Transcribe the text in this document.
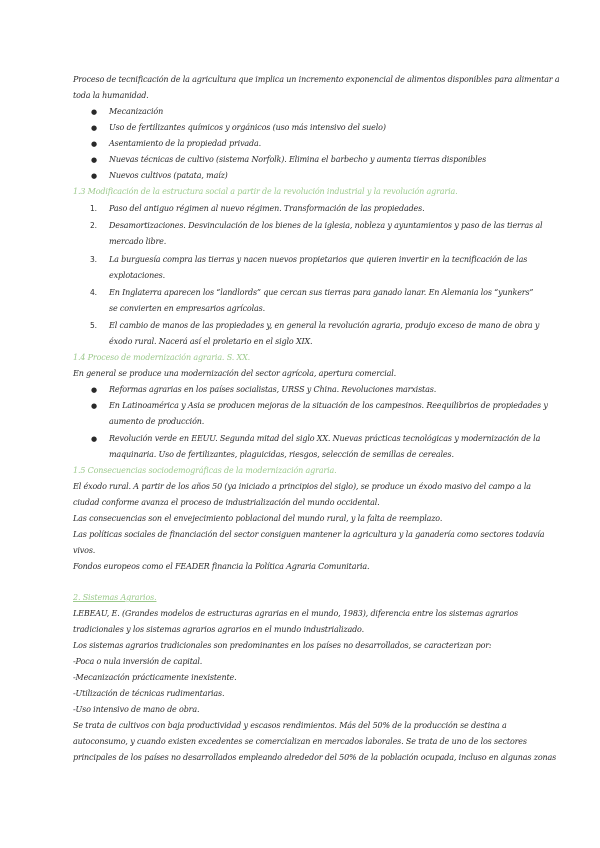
Proceso de tecnificación de la agricultura que implica un incremento exponencial de alimentos disponibles para alimentar a
toda la humanidad.
● Mecanización
● Uso de fertilizantes químicos y orgánicos (uso más intensivo del suelo)
● Asentamiento de la propiedad privada.
● Nuevas técnicas de cultivo (sistema Norfolk). Elimina el barbecho y aumenta tierras disponibles
● Nuevos cultivos (patata, maíz)
1.3 Modificación de la estructura social a partir de la revolución industrial y la revolución agraria.
1. Paso del antiguo régimen al nuevo régimen. Transformación de las propiedades.
2. Desamortizaciones. Desvinculación de los bienes de la iglesia, nobleza y ayuntamientos y paso de las tierras al
mercado libre.
3. La burguesía compra las tierras y nacen nuevos propietarios que quieren invertir en la tecnificación de las
explotaciones.
4. En Inglaterra aparecen los “landlords” que cercan sus tierras para ganado lanar. En Alemania los “yunkers”
se convierten en empresarios agrícolas.
5. El cambio de manos de las propiedades y, en general la revolución agraria, produjo exceso de mano de obra y
éxodo rural. Nacerá así el proletario en el siglo XIX.
1.4 Proceso de modernización agraria. S. XX.
En general se produce una modernización del sector agrícola, apertura comercial.
● Reformas agrarias en los países socialistas, URSS y China. Revoluciones marxistas.
● En Latinoamérica y Asia se producen mejoras de la situación de los campesinos. Reequilibrios de propiedades y
aumento de producción.
● Revolución verde en EEUU. Segunda mitad del siglo XX. Nuevas prácticas tecnológicas y modernización de la
maquinaria. Uso de fertilizantes, plaguicidas, riesgos, selección de semillas de cereales.
1.5 Consecuencias sociodemográficas de la modernización agraria.
El éxodo rural. A partir de los años 50 (ya iniciado a principios del siglo), se produce un éxodo masivo del campo a la
ciudad conforme avanza el proceso de industrialización del mundo occidental.
Las consecuencias son el envejecimiento poblacional del mundo rural, y la falta de reemplazo.
Las políticas sociales de financiación del sector consiguen mantener la agricultura y la ganadería como sectores todavía
vivos.
Fondos europeos como el FEADER financia la Política Agraria Comunitaria.
2. Sistemas Agrarios.
LEBEAU, E. (Grandes modelos de estructuras agrarias en el mundo, 1983), diferencia entre los sistemas agrarios
tradicionales y los sistemas agrarios agrarios en el mundo industrializado.
Los sistemas agrarios tradicionales son predominantes en los países no desarrollados, se caracterizan por:
-Poca o nula inversión de capital.
-Mecanización prácticamente inexistente.
-Utilización de técnicas rudimentarias.
-Uso intensivo de mano de obra.
Se trata de cultivos con baja productividad y escasos rendimientos. Más del 50% de la producción se destina a
autoconsumo, y cuando existen excedentes se comercializan en mercados laborales. Se trata de uno de los sectores
principales de los países no desarrollados empleando alrededor del 50% de la población ocupada, incluso en algunas zonas
